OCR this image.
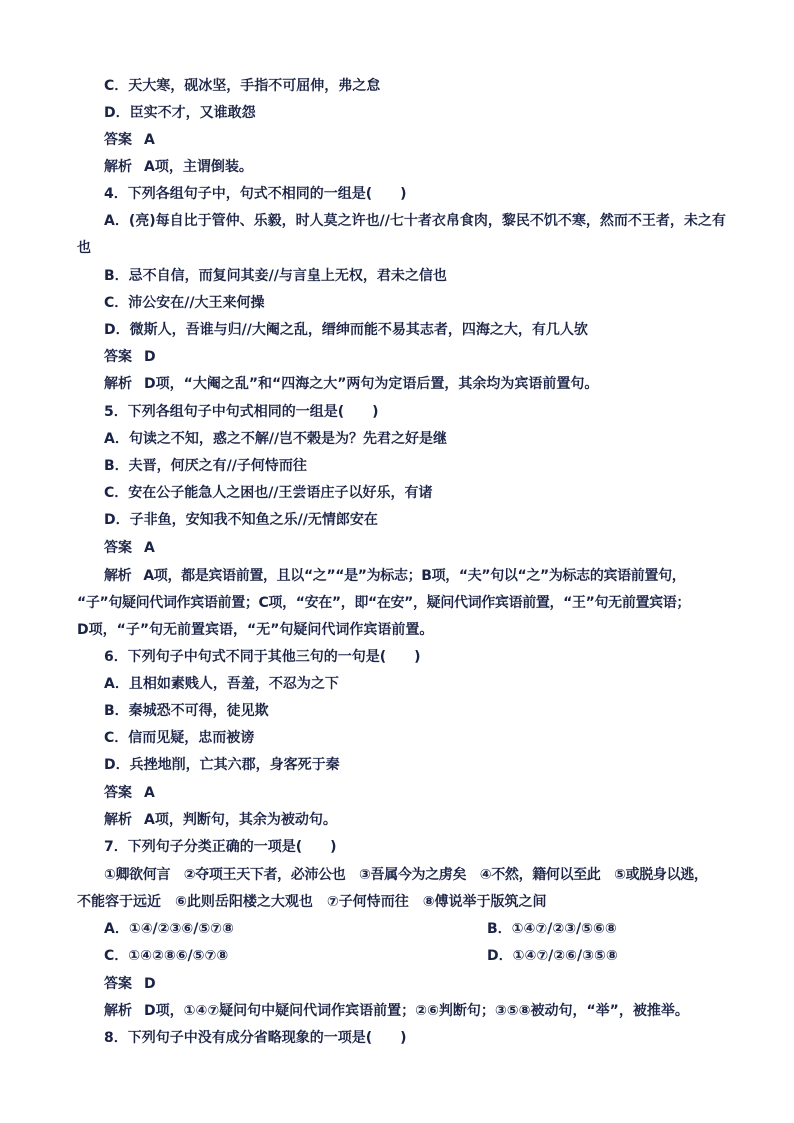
C．天大寒，砚冰坚，手指不可屈伸，弗之怠
D．臣实不才，又谁敢怨
答案 A
解析 A项，主谓倒装。
4．下列各组句子中，句式不相同的一组是(　　)
A．(亮)每自比于管仲、乐毅，时人莫之许也//七十者衣帛食肉，黎民不饥不寒，然而不王者，未之有
也
B．忌不自信，而复问其妾//与言皇上无权，君未之信也
C．沛公安在//大王来何操
D．微斯人，吾谁与归//大阉之乱，缙绅而能不易其志者，四海之大，有几人欤
答案 D
解析 D项，“大阉之乱”和“四海之大”两句为定语后置，其余均为宾语前置句。
5．下列各组句子中句式相同的一组是(　　)
A．句读之不知，惑之不解//岂不榖是为？先君之好是继
B．夫晋，何厌之有//子何恃而往
C．安在公子能急人之困也//王尝语庄子以好乐，有诸
D．子非鱼，安知我不知鱼之乐//无情郎安在
答案 A
解析 A项，都是宾语前置，且以“之”“是”为标志；B项，“夫”句以“之”为标志的宾语前置句，
“子”句疑问代词作宾语前置；C项，“安在”，即“在安”，疑问代词作宾语前置，“王”句无前置宾语；
D项，“子”句无前置宾语，“无”句疑问代词作宾语前置。
6．下列句子中句式不同于其他三句的一句是(　　)
A．且相如素贱人，吾羞，不忍为之下
B．秦城恐不可得，徒见欺
C．信而见疑，忠而被谤
D．兵挫地削，亡其六郡，身客死于秦
答案 A
解析 A项，判断句，其余为被动句。
7．下列句子分类正确的一项是(　　)
①卿欲何言　②夺项王天下者，必沛公也　③吾属今为之虏矣　④不然，籍何以至此　⑤或脱身以逃，
不能容于远近　⑥此则岳阳楼之大观也　⑦子何恃而往　⑧傅说举于版筑之间
A．①④/②③⑥/⑤⑦⑧	B．①④⑦/②③/⑤⑥⑧
C．①④②⑧⑥/⑤⑦⑧	D．①④⑦/②⑥/③⑤⑧
答案 D
解析 D项，①④⑦疑问句中疑问代词作宾语前置；②⑥判断句；③⑤⑧被动句，“举”，被推举。
8．下列句子中没有成分省略现象的一项是(　　)
